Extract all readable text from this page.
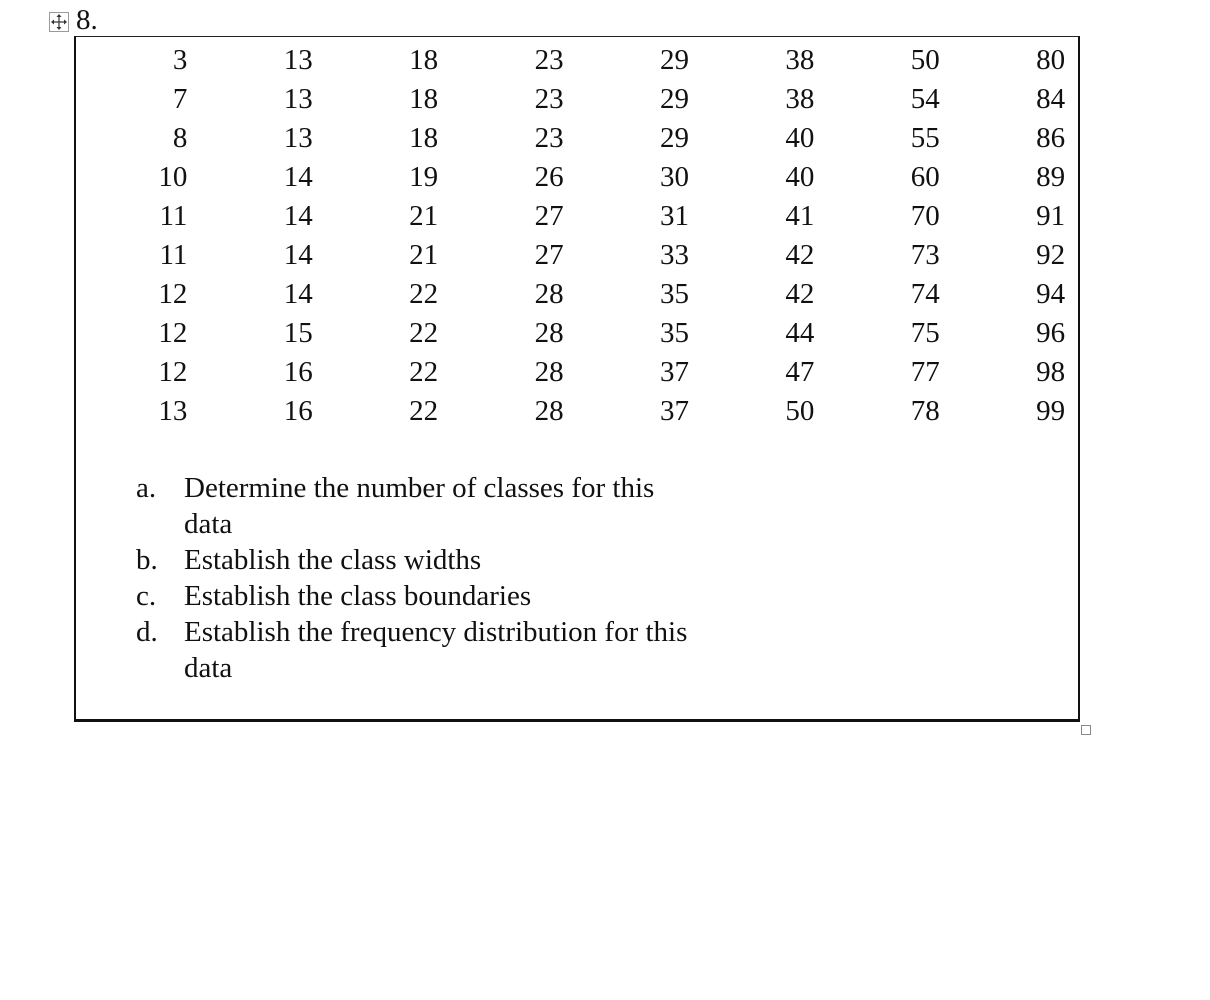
8.
3	13	18	23	29	38	50	80
7	13	18	23	29	38	54	84
8	13	18	23	29	40	55	86
10	14	19	26	30	40	60	89
11	14	21	27	31	41	70	91
11	14	21	27	33	42	73	92
12	14	22	28	35	42	74	94
12	15	22	28	35	44	75	96
12	16	22	28	37	47	77	98
13	16	22	28	37	50	78	99
a. Determine the number of classes for this data
b. Establish the class widths
c. Establish the class boundaries
d. Establish the frequency distribution for this data
